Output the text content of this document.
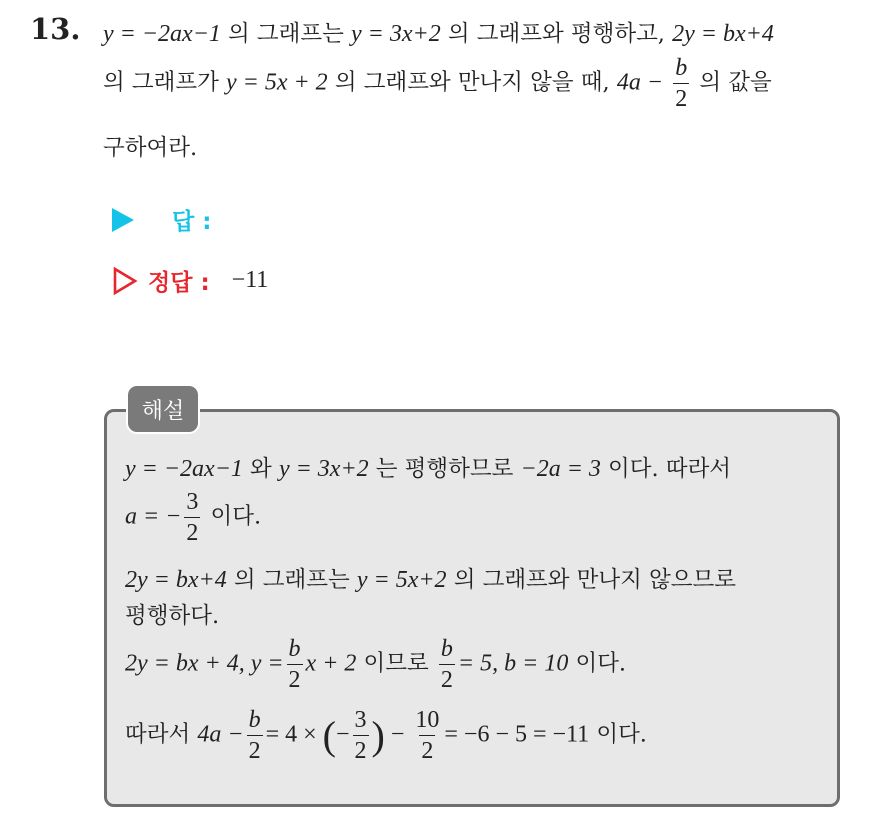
13. y = −2ax−1 의 그래프는 y = 3x+2 의 그래프와 평행하고, 2y = bx+4
의 그래프가 y = 5x + 2 의 그래프와 만나지 않을 때, $4a - \frac{b}{2}$ 의 값을
구하여라.
답 :
정답 : −11
해설
y = −2ax−1 와 y = 3x+2 는 평행하므로 −2a = 3 이다. 따라서
a = − $\frac{3}{2}$ 이다.
2y = bx+4 의 그래프는 y = 5x+2 의 그래프와 만나지 않으므로
평행하다.
2y = bx + 4, $y = \frac{b}{2}$ x + 2 이므로 $\frac{b}{2} = 5$, b = 10 이다.
따라서 $4a - \frac{b}{2} = 4$ × (− $\frac{3}{2}$ ) − $\frac{10}{2} = -6 - 5 = -11$ 이다.
